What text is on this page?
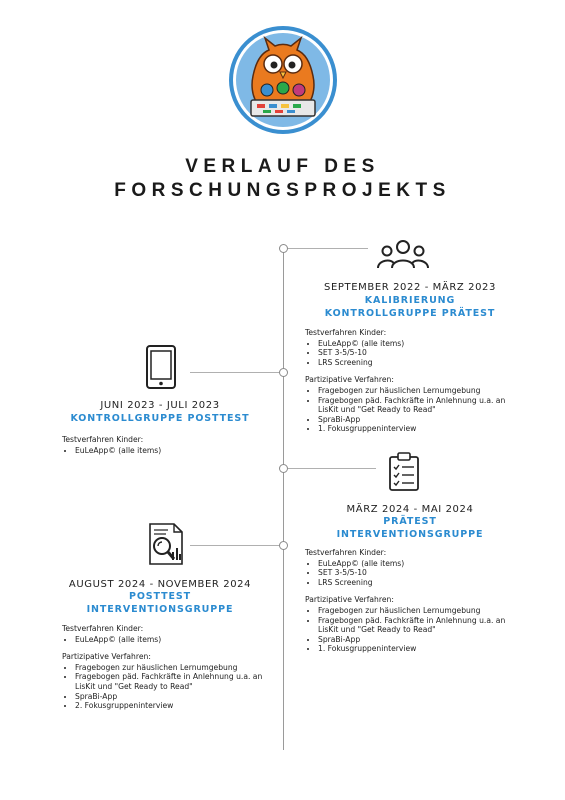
VERLAUF DES
FORSCHUNGSPROJEKTS
SEPTEMBER 2022 - MÄRZ 2023
KALIBRIERUNG
KONTROLLGRUPPE PRÄTEST
Testverfahren Kinder:
• EuLeApp© (alle items)
• SET 3-5/5-10
• LRS Screening
Partizipative Verfahren:
• Fragebogen zur häuslichen Lernumgebung
• Fragebogen päd. Fachkräfte in Anlehnung u.a. an LisKit und "Get Ready to Read"
• SpraBi-App
• 1. Fokusgruppeninterview
JUNI 2023 - JULI 2023
KONTROLLGRUPPE POSTTEST
Testverfahren Kinder:
• EuLeApp© (alle items)
MÄRZ 2024 - MAI 2024
PRÄTEST
INTERVENTIONSGRUPPE
Testverfahren Kinder:
• EuLeApp© (alle items)
• SET 3-5/5-10
• LRS Screening
Partizipative Verfahren:
• Fragebogen zur häuslichen Lernumgebung
• Fragebogen päd. Fachkräfte in Anlehnung u.a. an LisKit und "Get Ready to Read"
• SpraBi-App
• 1. Fokusgruppeninterview
AUGUST 2024 - NOVEMBER 2024
POSTTEST
INTERVENTIONSGRUPPE
Testverfahren Kinder:
• EuLeApp© (alle items)
Partizipative Verfahren:
• Fragebogen zur häuslichen Lernumgebung
• Fragebogen päd. Fachkräfte in Anlehnung u.a. an LisKit und "Get Ready to Read"
• SpraBi-App
• 2. Fokusgruppeninterview
